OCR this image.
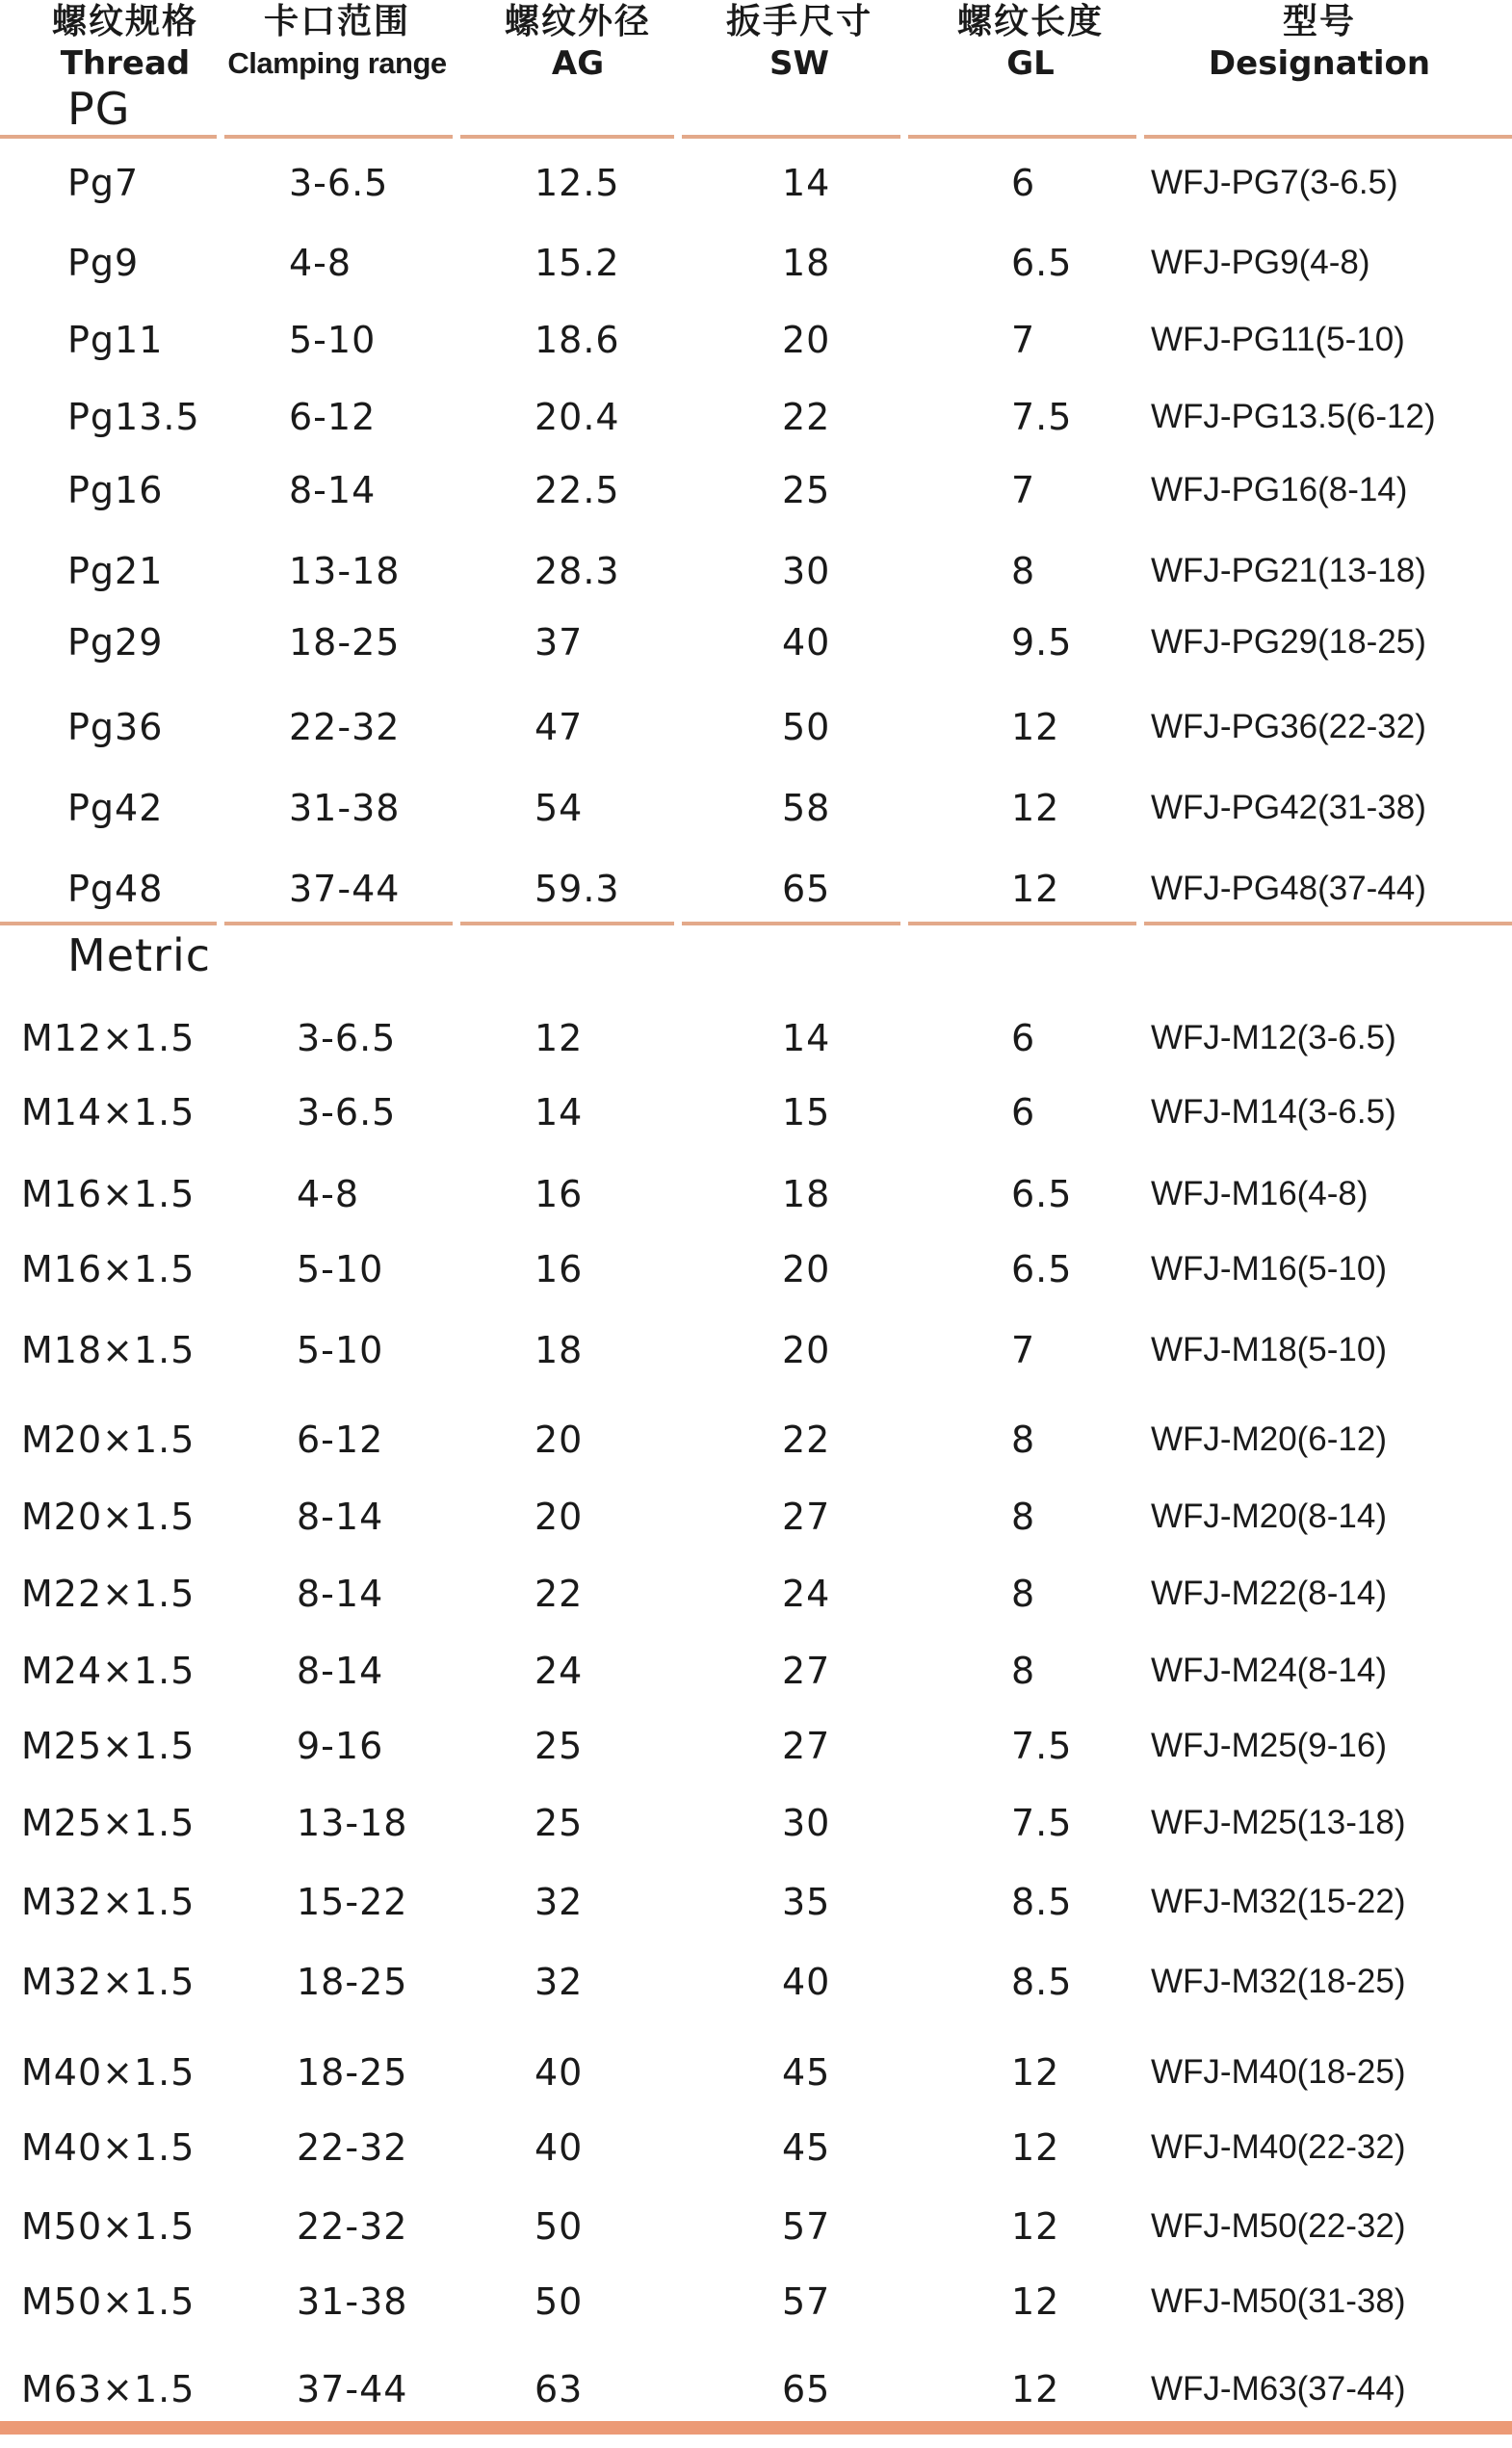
螺纹规格
Thread
卡口范围
Clamping range
螺纹外径
AG
扳手尺寸
SW
螺纹长度
GL
型号
Designation
PG
Pg7	3-6.5	12.5	14	6	WFJ-PG7(3-6.5)
Pg9	4-8	15.2	18	6.5 WFJ-PG9(4-8)
Pg11	5-10	18.6	20	7	WFJ-PG11(5-10)
Pg13.5 6-12	20.4	22	7.5 WFJ-PG13.5(6-12)
Pg16	8-14	22.5	25	7	WFJ-PG16(8-14)
Pg21	13-18	28.3	30	8	WFJ-PG21(13-18)
Pg29	18-25	37	40	9.5 WFJ-PG29(18-25)
Pg36	22-32	47	50	12	WFJ-PG36(22-32)
Pg42	31-38	54	58	12	WFJ-PG42(31-38)
Pg48	37-44	59.3	65	12	WFJ-PG48(37-44)
Metric
M12×1.5	3-6.5	12	14	6	WFJ-M12(3-6.5)
M14×1.5	3-6.5	14	15	6	WFJ-M14(3-6.5)
M16×1.5	4-8	16	18	6.5 WFJ-M16(4-8)
M16×1.5	5-10	16	20	6.5 WFJ-M16(5-10)
M18×1.5	5-10	18	20	7	WFJ-M18(5-10)
M20×1.5	6-12	20	22	8	WFJ-M20(6-12)
M20×1.5	8-14	20	27	8	WFJ-M20(8-14)
M22×1.5	8-14	22	24	8	WFJ-M22(8-14)
M24×1.5	8-14	24	27	8	WFJ-M24(8-14)
M25×1.5	9-16	25	27	7.5 WFJ-M25(9-16)
M25×1.5	13-18	25	30	7.5 WFJ-M25(13-18)
M32×1.5	15-22	32	35	8.5 WFJ-M32(15-22)
M32×1.5	18-25	32	40	8.5 WFJ-M32(18-25)
M40×1.5	18-25	40	45	12	WFJ-M40(18-25)
M40×1.5	22-32	40	45	12	WFJ-M40(22-32)
M50×1.5	22-32	50	57	12	WFJ-M50(22-32)
M50×1.5	31-38	50	57	12	WFJ-M50(31-38)
M63×1.5	37-44	63	65	12	WFJ-M63(37-44)
